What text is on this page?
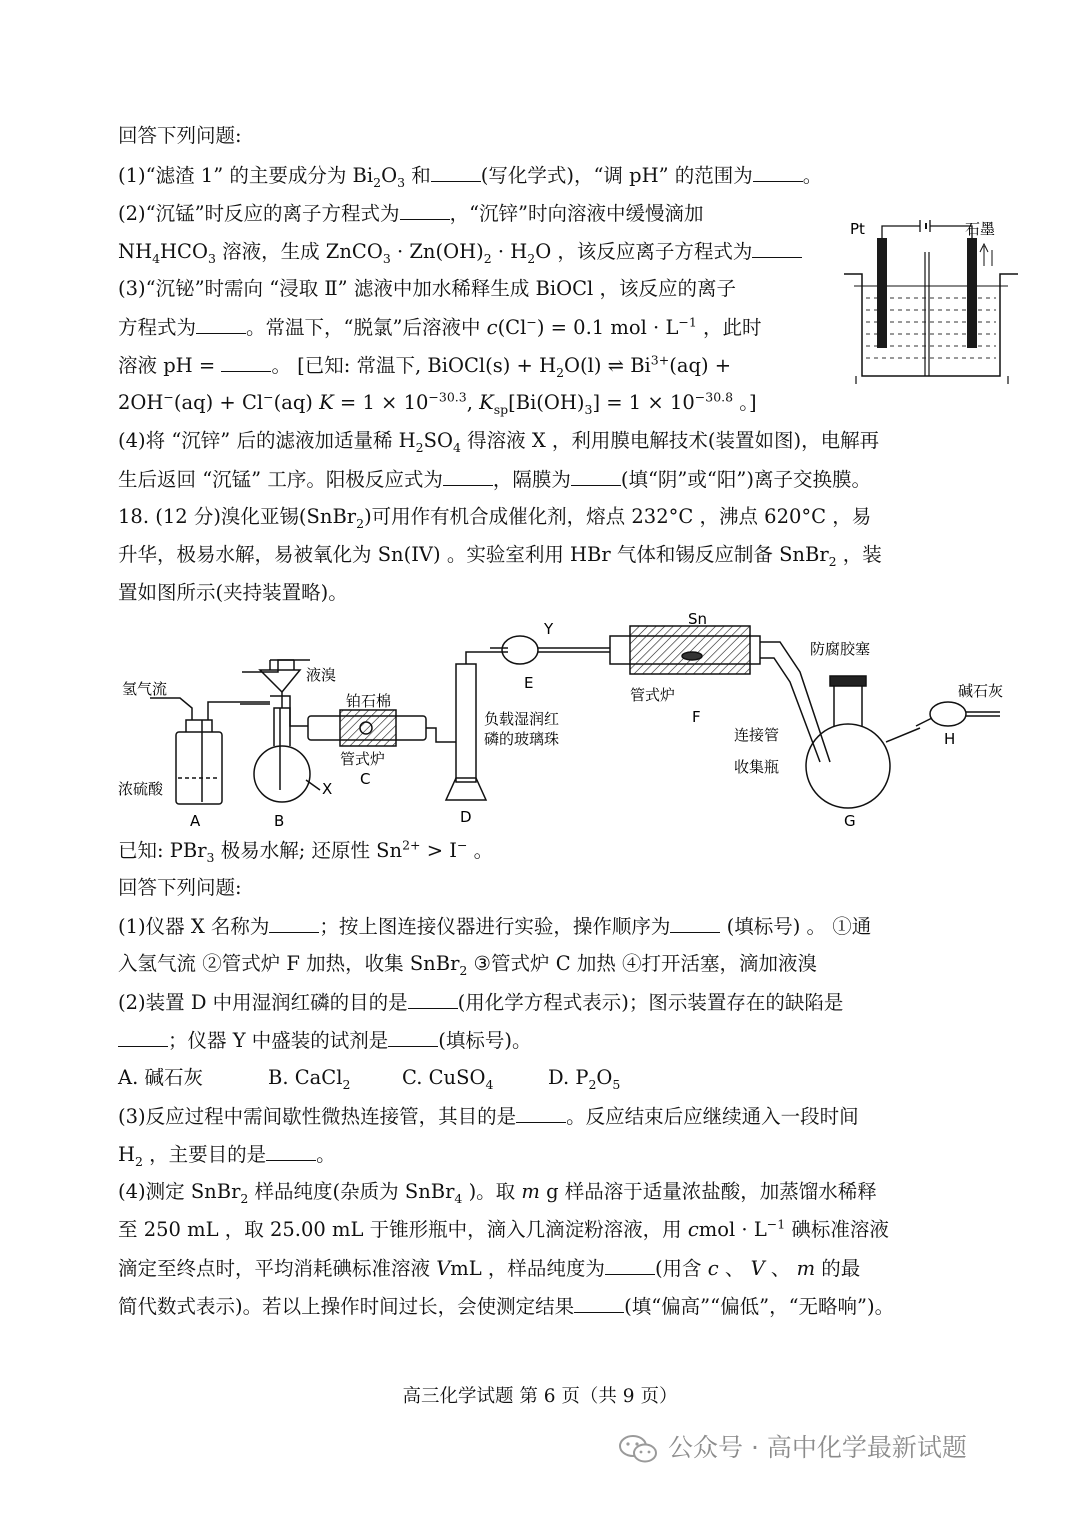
回答下列问题:
(1)“滤渣 1” 的主要成分为 $Bi_2O_3$ 和	(写化学式)，“调 pH” 的范围为	。
(2)“沉锰”时反应的离子方程式为	，“沉锌”时向溶液中缓慢滴加
$NH_4HCO_3$ 溶液，生成 ZnCO$_3$ · $Zn(OH)_2 \cdot H_2O$ ，该反应离子方程式为
(3)“沉铋”时需向 “浸取 Ⅱ” 滤液中加水稀释生成 BiOCl ，该反应的离子
方程式为	。常温下，“脱氯”后溶液中 c(Cl−) = 0.1 mol · $L^{-1}$ ，此时
溶液 pH =	。 [已知: 常温下, BiOCl(s) + $H_2O(l)$ ⇌ $Bi^{3+}(aq)$ +
2OH−(aq) + Cl−(aq) $K = 1 \times 10^{-30.3}$, $K_{sp}[Bi(OH)_3] = 1 \times 10^{-30.8}$ 。]
(4)将 “沉锌” 后的滤液加适量稀 $H_2SO_4$ 得溶液 X ，利用膜电解技术(装置如图)，电解再
生后返回 “沉锰” 工序。阳极反应式为	，隔膜为	(填“阴”或“阳”)离子交换膜。
Pt	石墨
18. (12 分)溴化亚锡(SnBr$_2$)可用作有机合成催化剂，熔点 232°C ，沸点 620°C ，易
升华，极易水解，易被氧化为 Sn(IV) 。实验室利用 HBr 气体和锡反应制备 SnBr$_2$ ，装
置如图所示(夹持装置略)。
氢气流
浓硫酸
液溴
铂石棉
管式炉
负载湿润红
磷的玻璃珠
Sn
管式炉
防腐胶塞
连接管
收集瓶
碱石灰
A	B
C
D
E
F
G
H
X
Y
已知: PBr$_3$ 极易水解; 还原性 $Sn^{2+} > I^-$ 。
回答下列问题:
(1)仪器 X 名称为	；按上图连接仪器进行实验，操作顺序为	(填标号) 。 ①通
入氢气流 ②管式炉 F 加热，收集 SnBr$_2$ ③管式炉 C 加热 ④打开活塞，滴加液溴
(2)装置 D 中用湿润红磷的目的是	(用化学方程式表示)；图示装置存在的缺陷是
；仪器 Y 中盛装的试剂是	(填标号)。
A. 碱石灰	B. CaCl$_2$	C. CuSO$_4$	D. $P_2O_5$
(3)反应过程中需间歇性微热连接管，其目的是	。反应结束后应继续通入一段时间
$H_2$ ，主要目的是	。
(4)测定 SnBr$_2$ 样品纯度(杂质为 SnBr$_4$ )。取 m g 样品溶于适量浓盐酸，加蒸馏水稀释
至 250 mL ，取 25.00 mL 于锥形瓶中，滴入几滴淀粉溶液，用 cmol · $L^{-1}$ 碘标准溶液
滴定至终点时，平均消耗碘标准溶液 VmL ，样品纯度为	(用含 c 、 V 、 m 的最
简代数式表示)。若以上操作时间过长，会使测定结果	(填“偏高”“偏低”，“无略响”)。
高三化学试题 第 6 页（共 9 页）
公众号 · 高中化学最新试题
